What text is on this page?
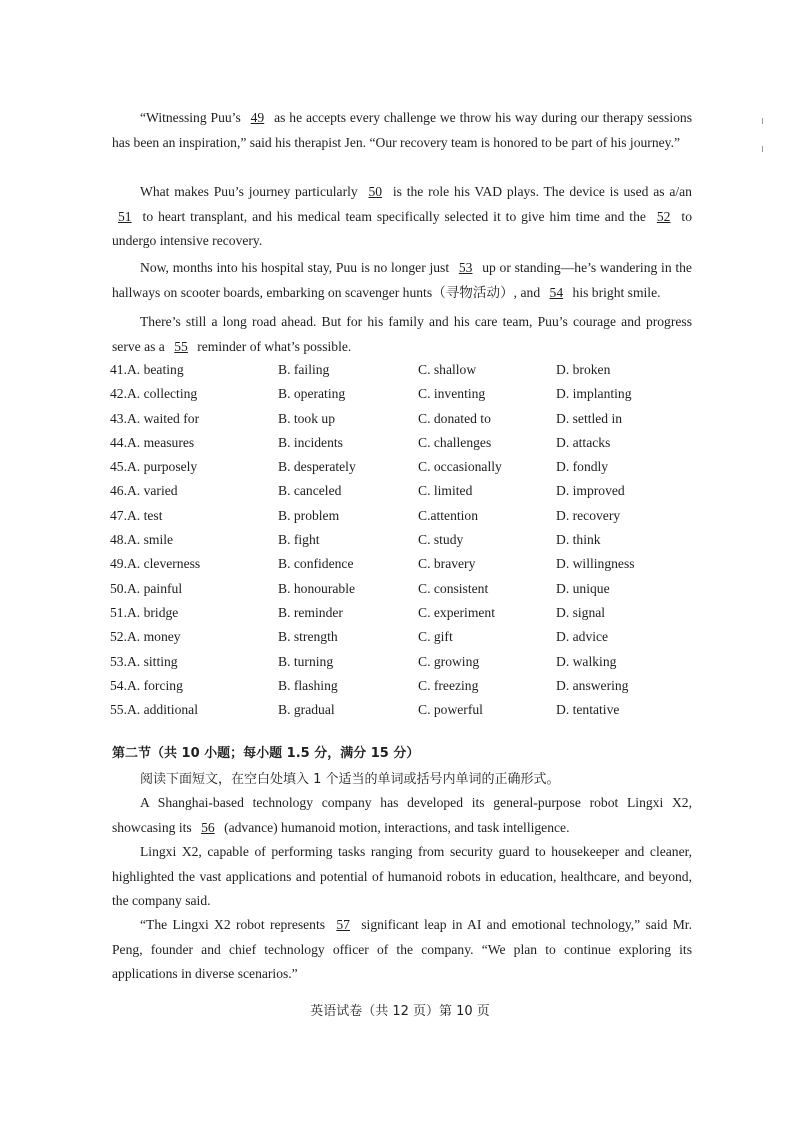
“Witnessing Puu’s 49 as he accepts every challenge we throw his way during our therapy sessions has been an inspiration,” said his therapist Jen. “Our recovery team is honored to be part of his journey.”

What makes Puu’s journey particularly 50 is the role his VAD plays. The device is used as a/an 51 to heart transplant, and his medical team specifically selected it to give him time and the 52 to undergo intensive recovery.

Now, months into his hospital stay, Puu is no longer just 53 up or standing—he’s wandering in the hallways on scooter boards, embarking on scavenger hunts（寻物活动）, and 54 his bright smile.

There’s still a long road ahead. But for his family and his care team, Puu’s courage and progress serve as a 55 reminder of what’s possible.

41.A. beating	B. failing	C. shallow	D. broken
42.A. collecting	B. operating	C. inventing	D. implanting
43.A. waited for	B. took up	C. donated to	D. settled in
44.A. measures	B. incidents	C. challenges	D. attacks
45.A. purposely	B. desperately	C. occasionally	D. fondly
46.A. varied	B. canceled	C. limited	D. improved
47.A. test	B. problem	C.attention	D. recovery
48.A. smile	B. fight	C. study	D. think
49.A. cleverness	B. confidence	C. bravery	D. willingness
50.A. painful	B. honourable	C. consistent	D. unique
51.A. bridge	B. reminder	C. experiment	D. signal
52.A. money	B. strength	C. gift	D. advice
53.A. sitting	B. turning	C. growing	D. walking
54.A. forcing	B. flashing	C. freezing	D. answering
55.A. additional	B. gradual	C. powerful	D. tentative
第二节（共 10 小题；每小题 1.5 分，满分 15 分）
阅读下面短文，在空白处填入 1 个适当的单词或括号内单词的正确形式。

A Shanghai-based technology company has developed its general-purpose robot Lingxi X2, showcasing its 56 (advance) humanoid motion, interactions, and task intelligence.

Lingxi X2, capable of performing tasks ranging from security guard to housekeeper and cleaner, highlighted the vast applications and potential of humanoid robots in education, healthcare, and beyond, the company said.

“The Lingxi X2 robot represents 57 significant leap in AI and emotional technology,” said Mr. Peng, founder and chief technology officer of the company. “We plan to continue exploring its applications in diverse scenarios.”

英语试卷（共 12 页）第 10 页
